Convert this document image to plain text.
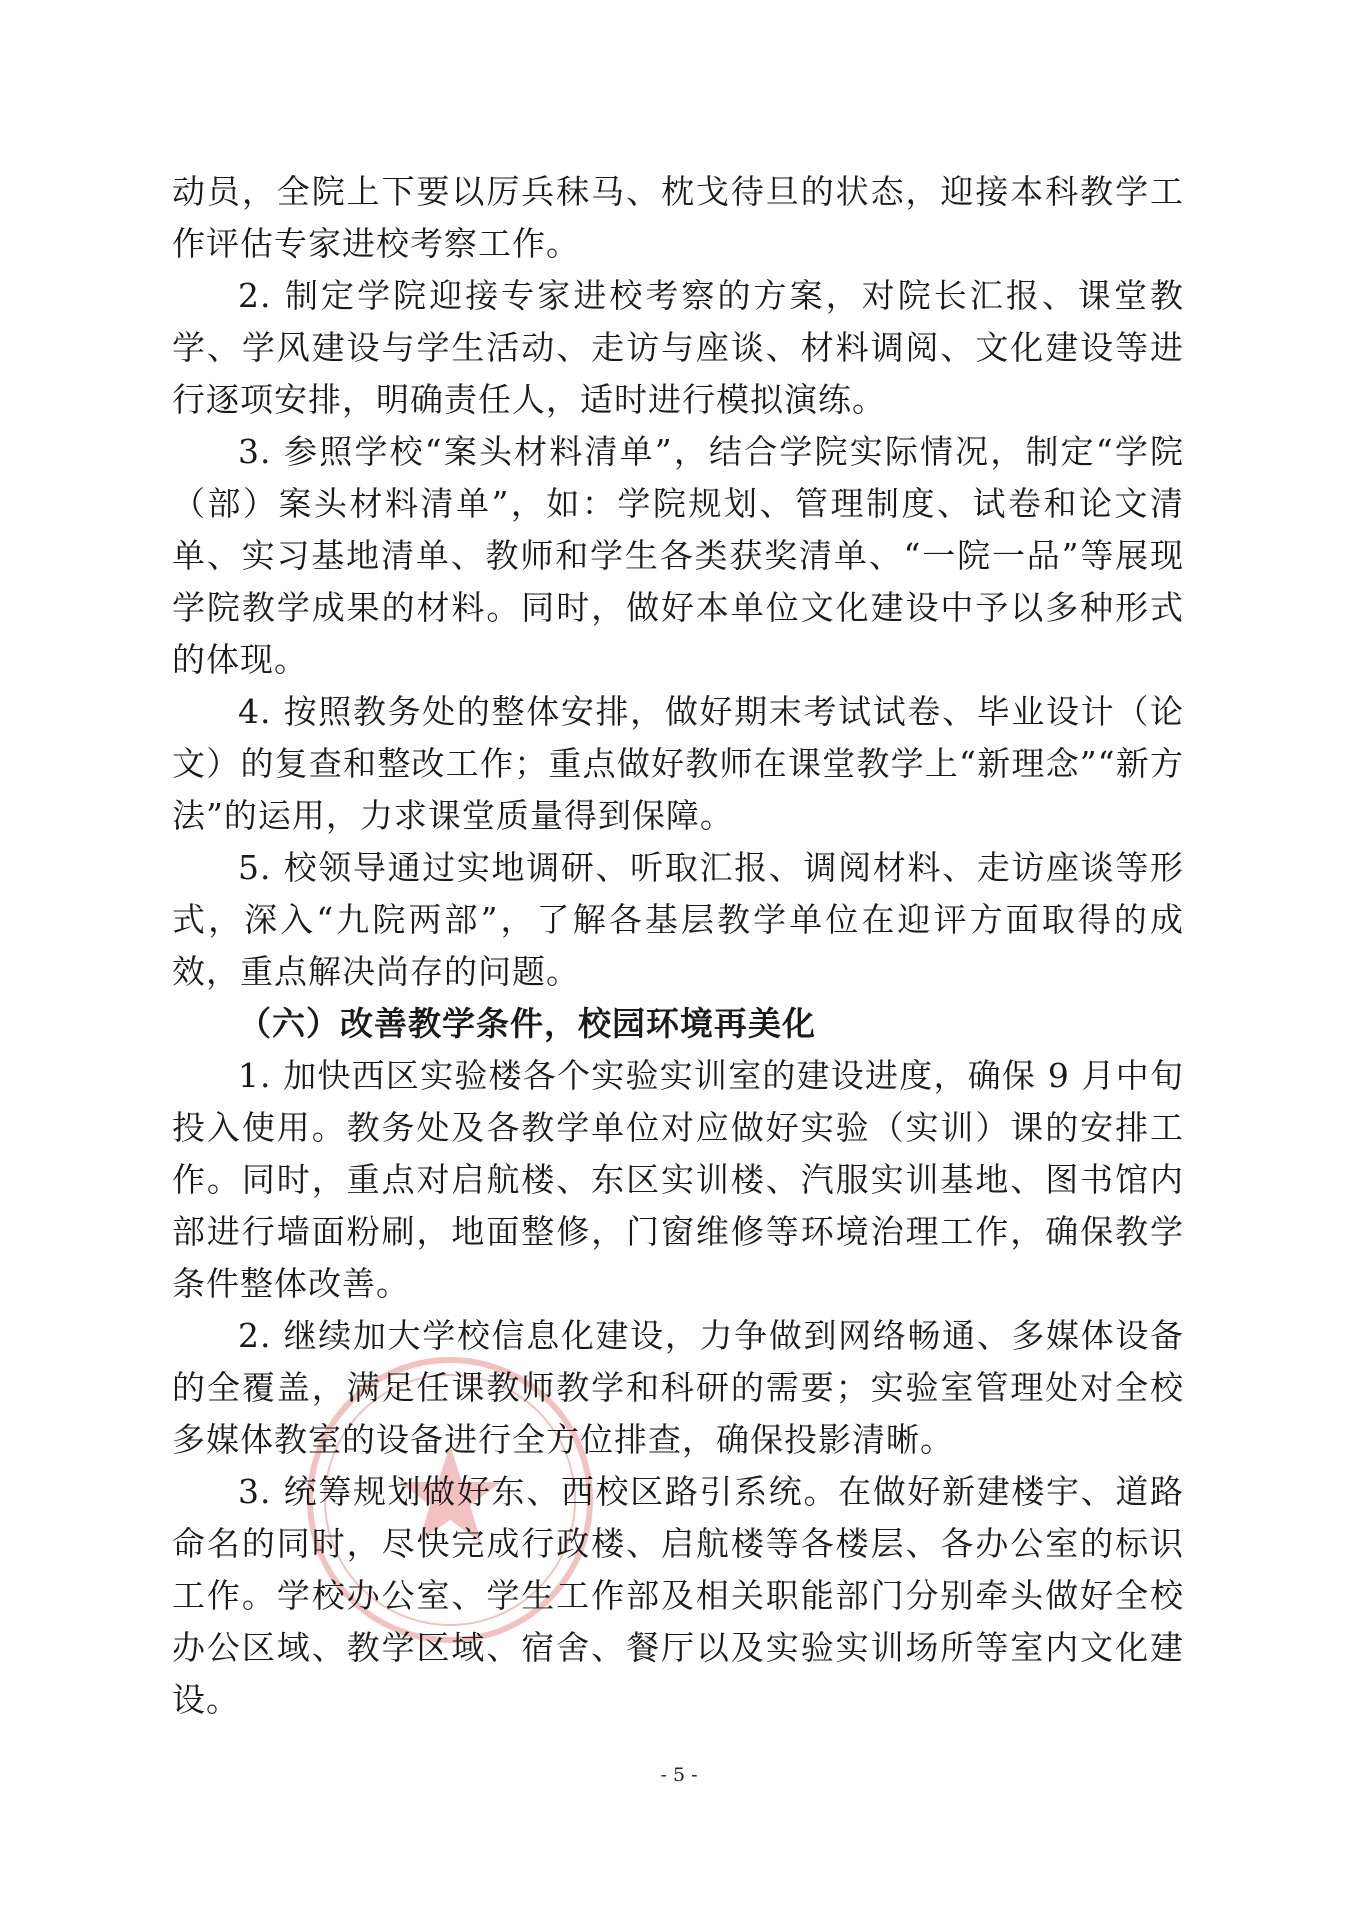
动员，全院上下要以厉兵秣马、枕戈待旦的状态，迎接本科教学工作评估专家进校考察工作。

2. 制定学院迎接专家进校考察的方案，对院长汇报、课堂教学、学风建设与学生活动、走访与座谈、材料调阅、文化建设等进行逐项安排，明确责任人，适时进行模拟演练。

3. 参照学校“案头材料清单”，结合学院实际情况，制定“学院（部）案头材料清单”，如：学院规划、管理制度、试卷和论文清单、实习基地清单、教师和学生各类获奖清单、“一院一品”等展现学院教学成果的材料。同时，做好本单位文化建设中予以多种形式的体现。

4. 按照教务处的整体安排，做好期末考试试卷、毕业设计（论文）的复查和整改工作；重点做好教师在课堂教学上“新理念”“新方法”的运用，力求课堂质量得到保障。

5. 校领导通过实地调研、听取汇报、调阅材料、走访座谈等形式，深入“九院两部”，了解各基层教学单位在迎评方面取得的成效，重点解决尚存的问题。

（六）改善教学条件，校园环境再美化

1. 加快西区实验楼各个实验实训室的建设进度，确保 9 月中旬投入使用。教务处及各教学单位对应做好实验（实训）课的安排工作。同时，重点对启航楼、东区实训楼、汽服实训基地、图书馆内部进行墙面粉刷，地面整修，门窗维修等环境治理工作，确保教学条件整体改善。

2. 继续加大学校信息化建设，力争做到网络畅通、多媒体设备的全覆盖，满足任课教师教学和科研的需要；实验室管理处对全校多媒体教室的设备进行全方位排查，确保投影清晰。

3. 统筹规划做好东、西校区路引系统。在做好新建楼宇、道路命名的同时，尽快完成行政楼、启航楼等各楼层、各办公室的标识工作。学校办公室、学生工作部及相关职能部门分别牵头做好全校办公区域、教学区域、宿舍、餐厅以及实验实训场所等室内文化建设。

- 5 -
